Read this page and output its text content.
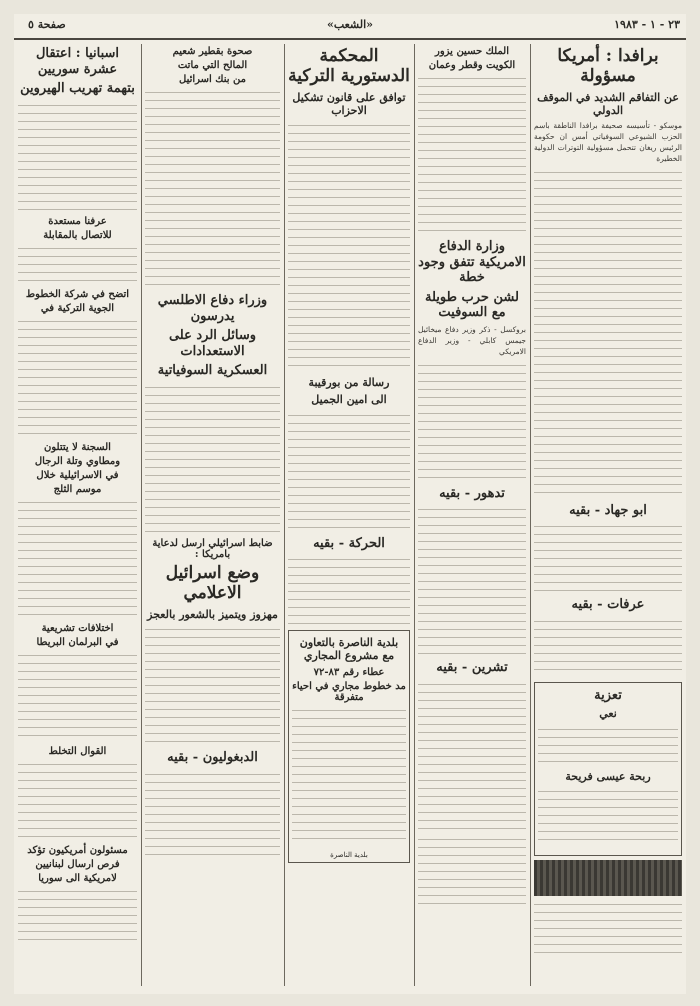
٢٣ - ١ - ١٩٨٣
«الشعب»
صفحة ٥
برافدا : أمريكا مسؤولة
عن التفاقم الشديد في الموقف الدولي

موسكو - تأسيسه صحيفة برافدا الناطقة باسم الحزب الشيوعي السوفياتي أمس ان حكومة الرئيس ريغان تتحمل مسؤولية التوترات الدولية الخطيرة

ابو جهاد - بقيه
عرفات - بقيه
تعزية
نعي
ربحة عيسى فريحة
الملك حسين يزور
الكويت وقطر وعمان
وزارة الدفاع الامريكية تتفق وجود خطة
لشن حرب طويلة مع السوفيت

بروكسل - ذكر وزير دفاع ميخائيل جيمس كابلي - وزير الدفاع الامريكي

تدهور - بقيه
تشرين - بقيه
المحكمة الدستورية التركية
توافق على قانون تشكيل الاحزاب
رسالة من بورقيبة
الى امين الجميل
الحركة - بقيه
بلدية الناصرة بالتعاون مع مشروع المجاري
عطاء رقم ٨٣-٧٢
مد خطوط مجاري في احياء متفرقة
بلدية الناصرة
صحوة بقطير شعيم
المالح التي ماتت
من بنك اسرائيل
وزراء دفاع الاطلسي يدرسون
وسائل الرد على الاستعدادات
العسكرية السوفياتية
ضابط اسرائيلي ارسل لدعاية بامريكا :
وضع اسرائيل الاعلامي
مهزوز ويتميز بالشعور بالعجز
الدبغوليون - بقيه
اسبانيا : اعتقال عشرة سوريين
بتهمة تهريب الهيروين
عرفنا مستعدة
للاتصال بالمقابلة
اتضح في شركة الخطوط
الجوية التركية في
السجنة لا يتتلون
ومطاوي وتلة الرجال
في الاسرائيلية خلال
موسم الثلج
اختلافات تشريعية
في البرلمان البريطا
القوال التخلط
مسئولون أمريكيون تؤكد
فرص ارسال لبنانيين
لامريكية الى سوريا
